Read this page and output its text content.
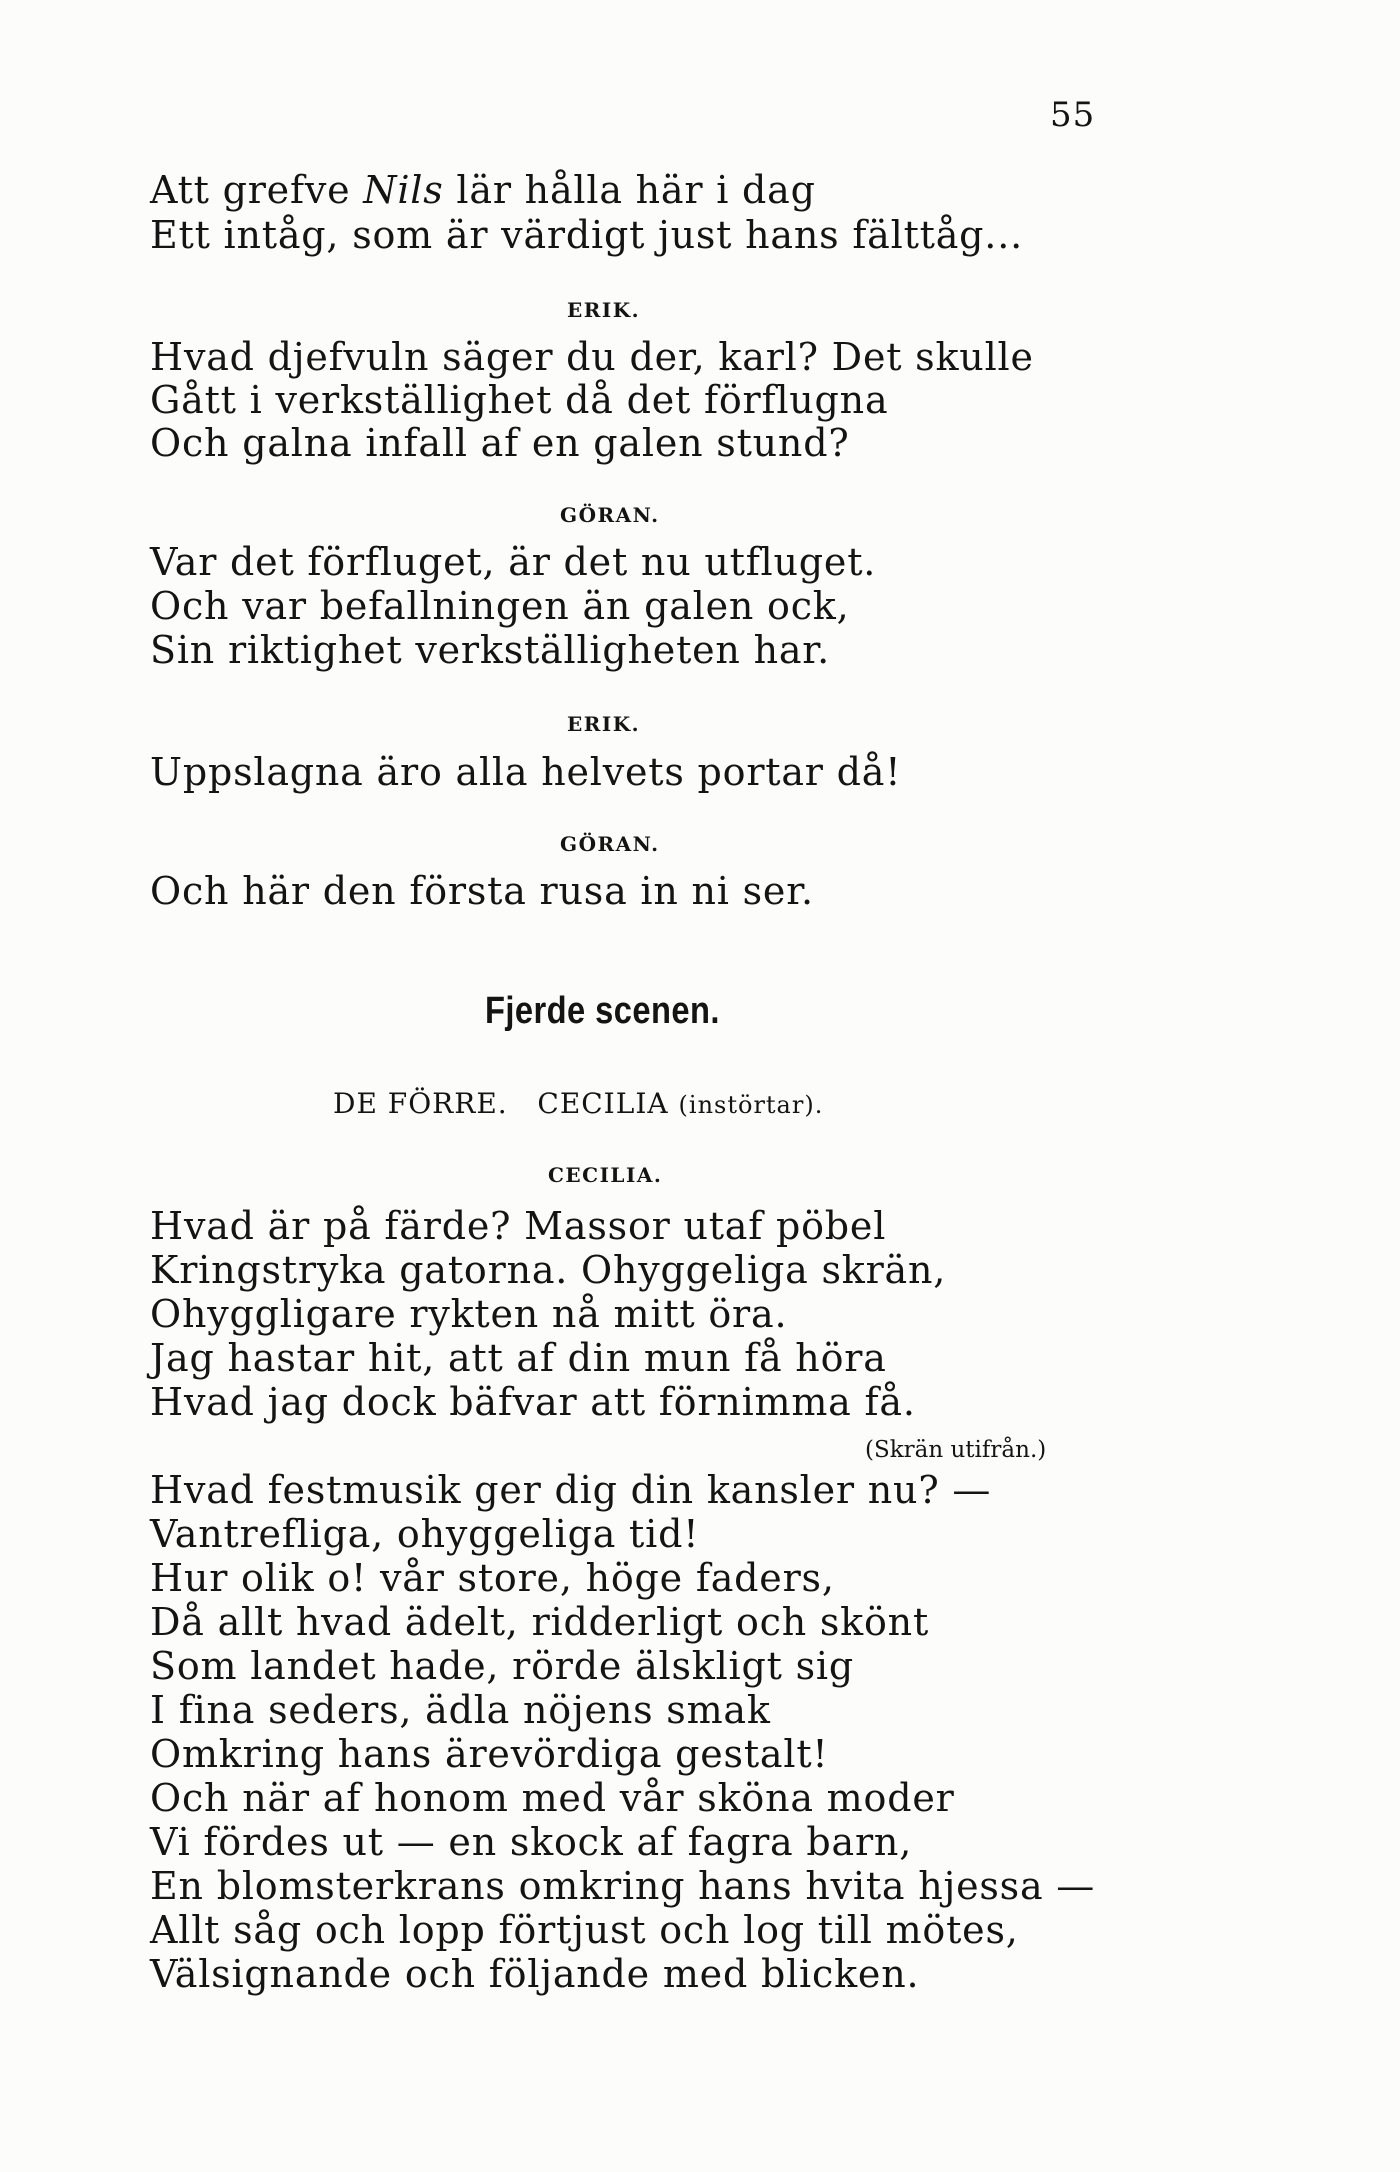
55
Att grefve Nils lär hålla här i dag
Ett intåg, som är värdigt just hans fälttåg...
ERIK.
Hvad djefvuln säger du der, karl? Det skulle
Gått i verkställighet då det förflugna
Och galna infall af en galen stund?
GÖRAN.
Var det förfluget, är det nu utfluget.
Och var befallningen än galen ock,
Sin riktighet verkställigheten har.
ERIK.
Uppslagna äro alla helvets portar då!
GÖRAN.
Och här den första rusa in ni ser.
Fjerde scenen.
DE FÖRRE. CECILIA (instörtar).
CECILIA.
Hvad är på färde? Massor utaf pöbel
Kringstryka gatorna. Ohyggeliga skrän,
Ohyggligare rykten nå mitt öra.
Jag hastar hit, att af din mun få höra
Hvad jag dock bäfvar att förnimma få.
(Skrän utifrån.)
Hvad festmusik ger dig din kansler nu? —
Vantrefliga, ohyggeliga tid!
Hur olik o! vår store, höge faders,
Då allt hvad ädelt, ridderligt och skönt
Som landet hade, rörde älskligt sig
I fina seders, ädla nöjens smak
Omkring hans ärevördiga gestalt!
Och när af honom med vår sköna moder
Vi fördes ut — en skock af fagra barn,
En blomsterkrans omkring hans hvita hjessa —
Allt såg och lopp förtjust och log till mötes,
Välsignande och följande med blicken.
